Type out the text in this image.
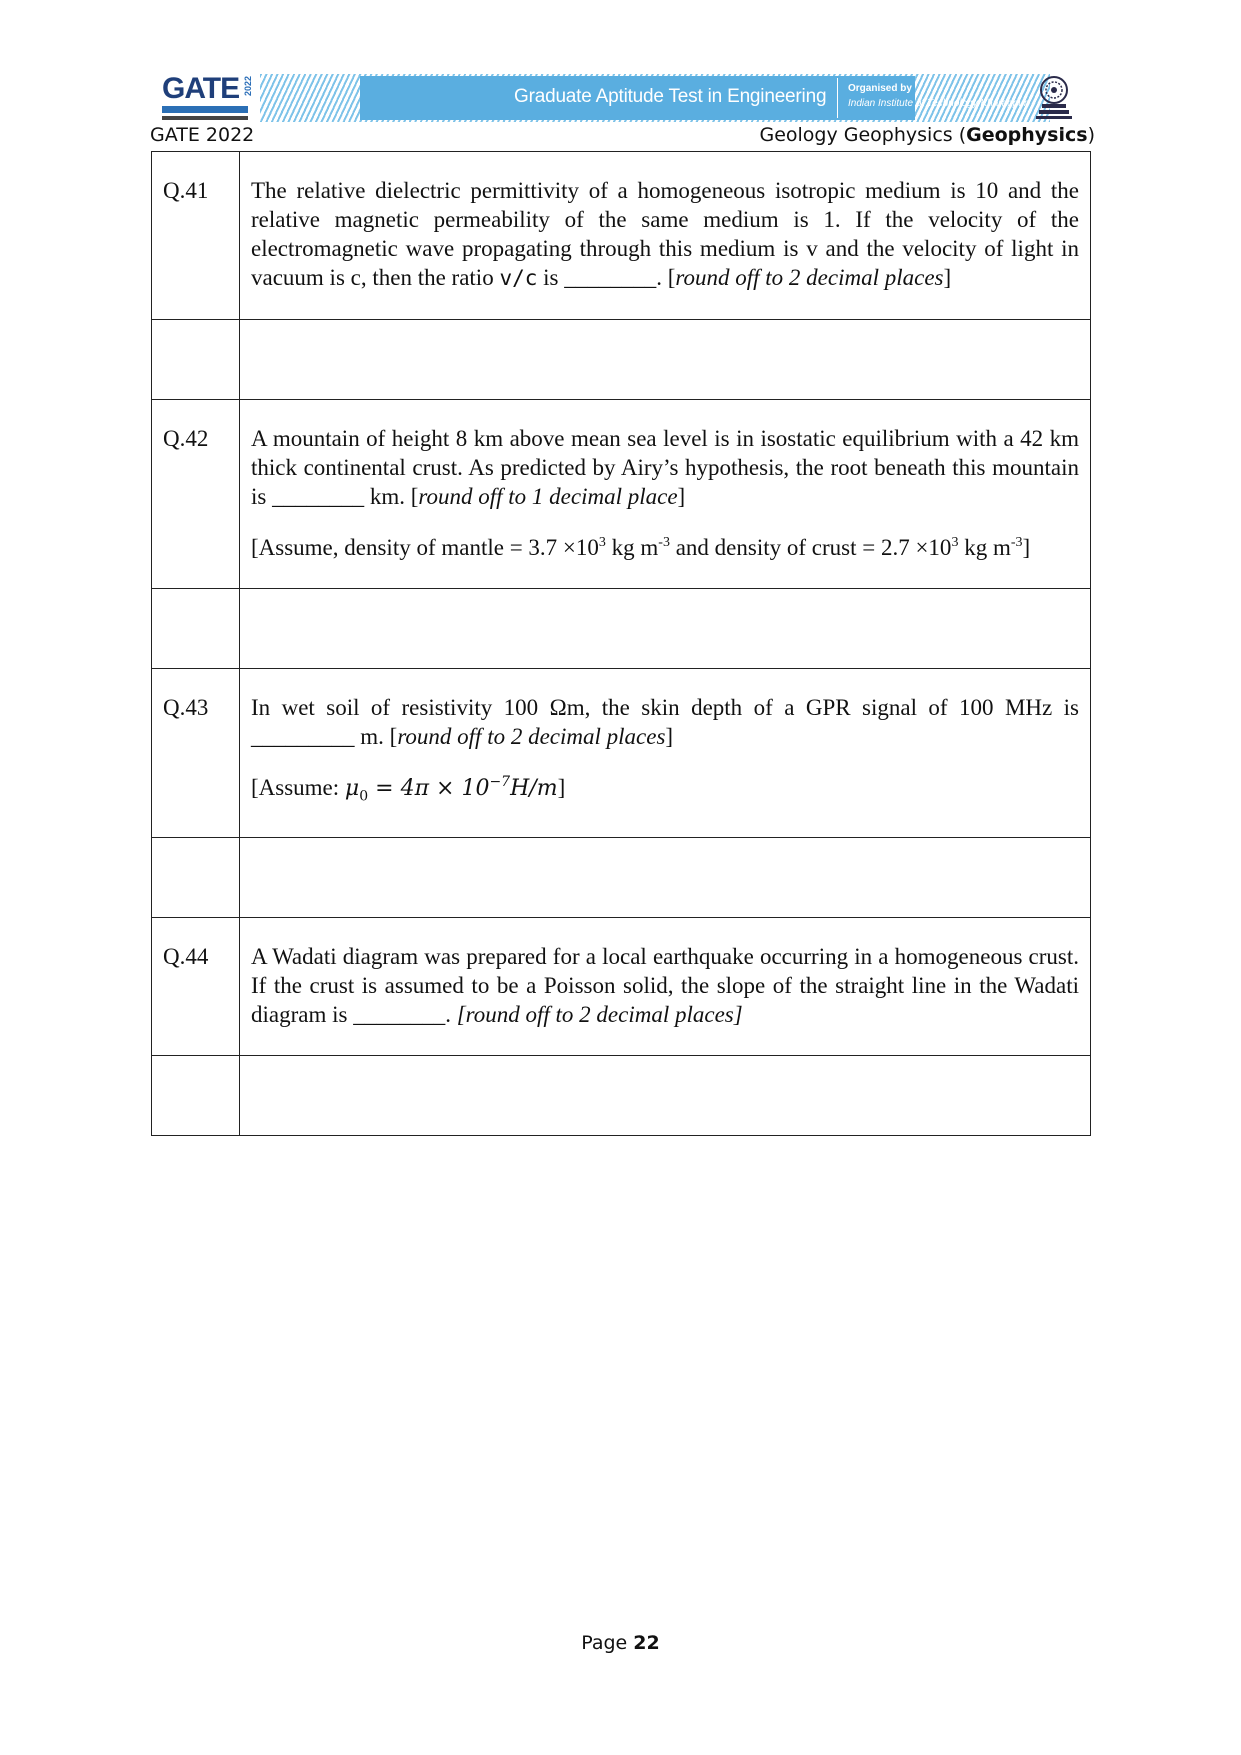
GATE 2022	Graduate Aptitude Test in Engineering Organised by
Indian Institute of Technology Kharagpur
GATE 2022	Geology Geophysics (Geophysics)
Q.41	The relative dielectric permittivity of a homogeneous isotropic medium is 10 and the relative magnetic permeability of the same medium is 1. If the velocity of the electromagnetic wave propagating through this medium is v and the velocity of light in vacuum is c, then the ratio v/c is ________. [round off to 2 decimal places]

Q.42	A mountain of height 8 km above mean sea level is in isostatic equilibrium with a 42 km thick continental crust. As predicted by Airy’s hypothesis, the root beneath this mountain is ________ km. [round off to 1 decimal place]

[Assume, density of mantle = $3.7 \times 10^3$ kg $m^{-3}$ and density of crust = $2.7 \times 10^3$ kg $m^{-3}$]

Q.43	In wet soil of resistivity 100 Ωm, the skin depth of a GPR signal of 100 MHz is _________ m. [round off to 2 decimal places]

[Assume: $\mu_0 = 4\pi \times 10^{-7}H/m$]

Q.44	A Wadati diagram was prepared for a local earthquake occurring in a homogeneous crust. If the crust is assumed to be a Poisson solid, the slope of the straight line in the Wadati diagram is ________. [round off to 2 decimal places]

Page 22
